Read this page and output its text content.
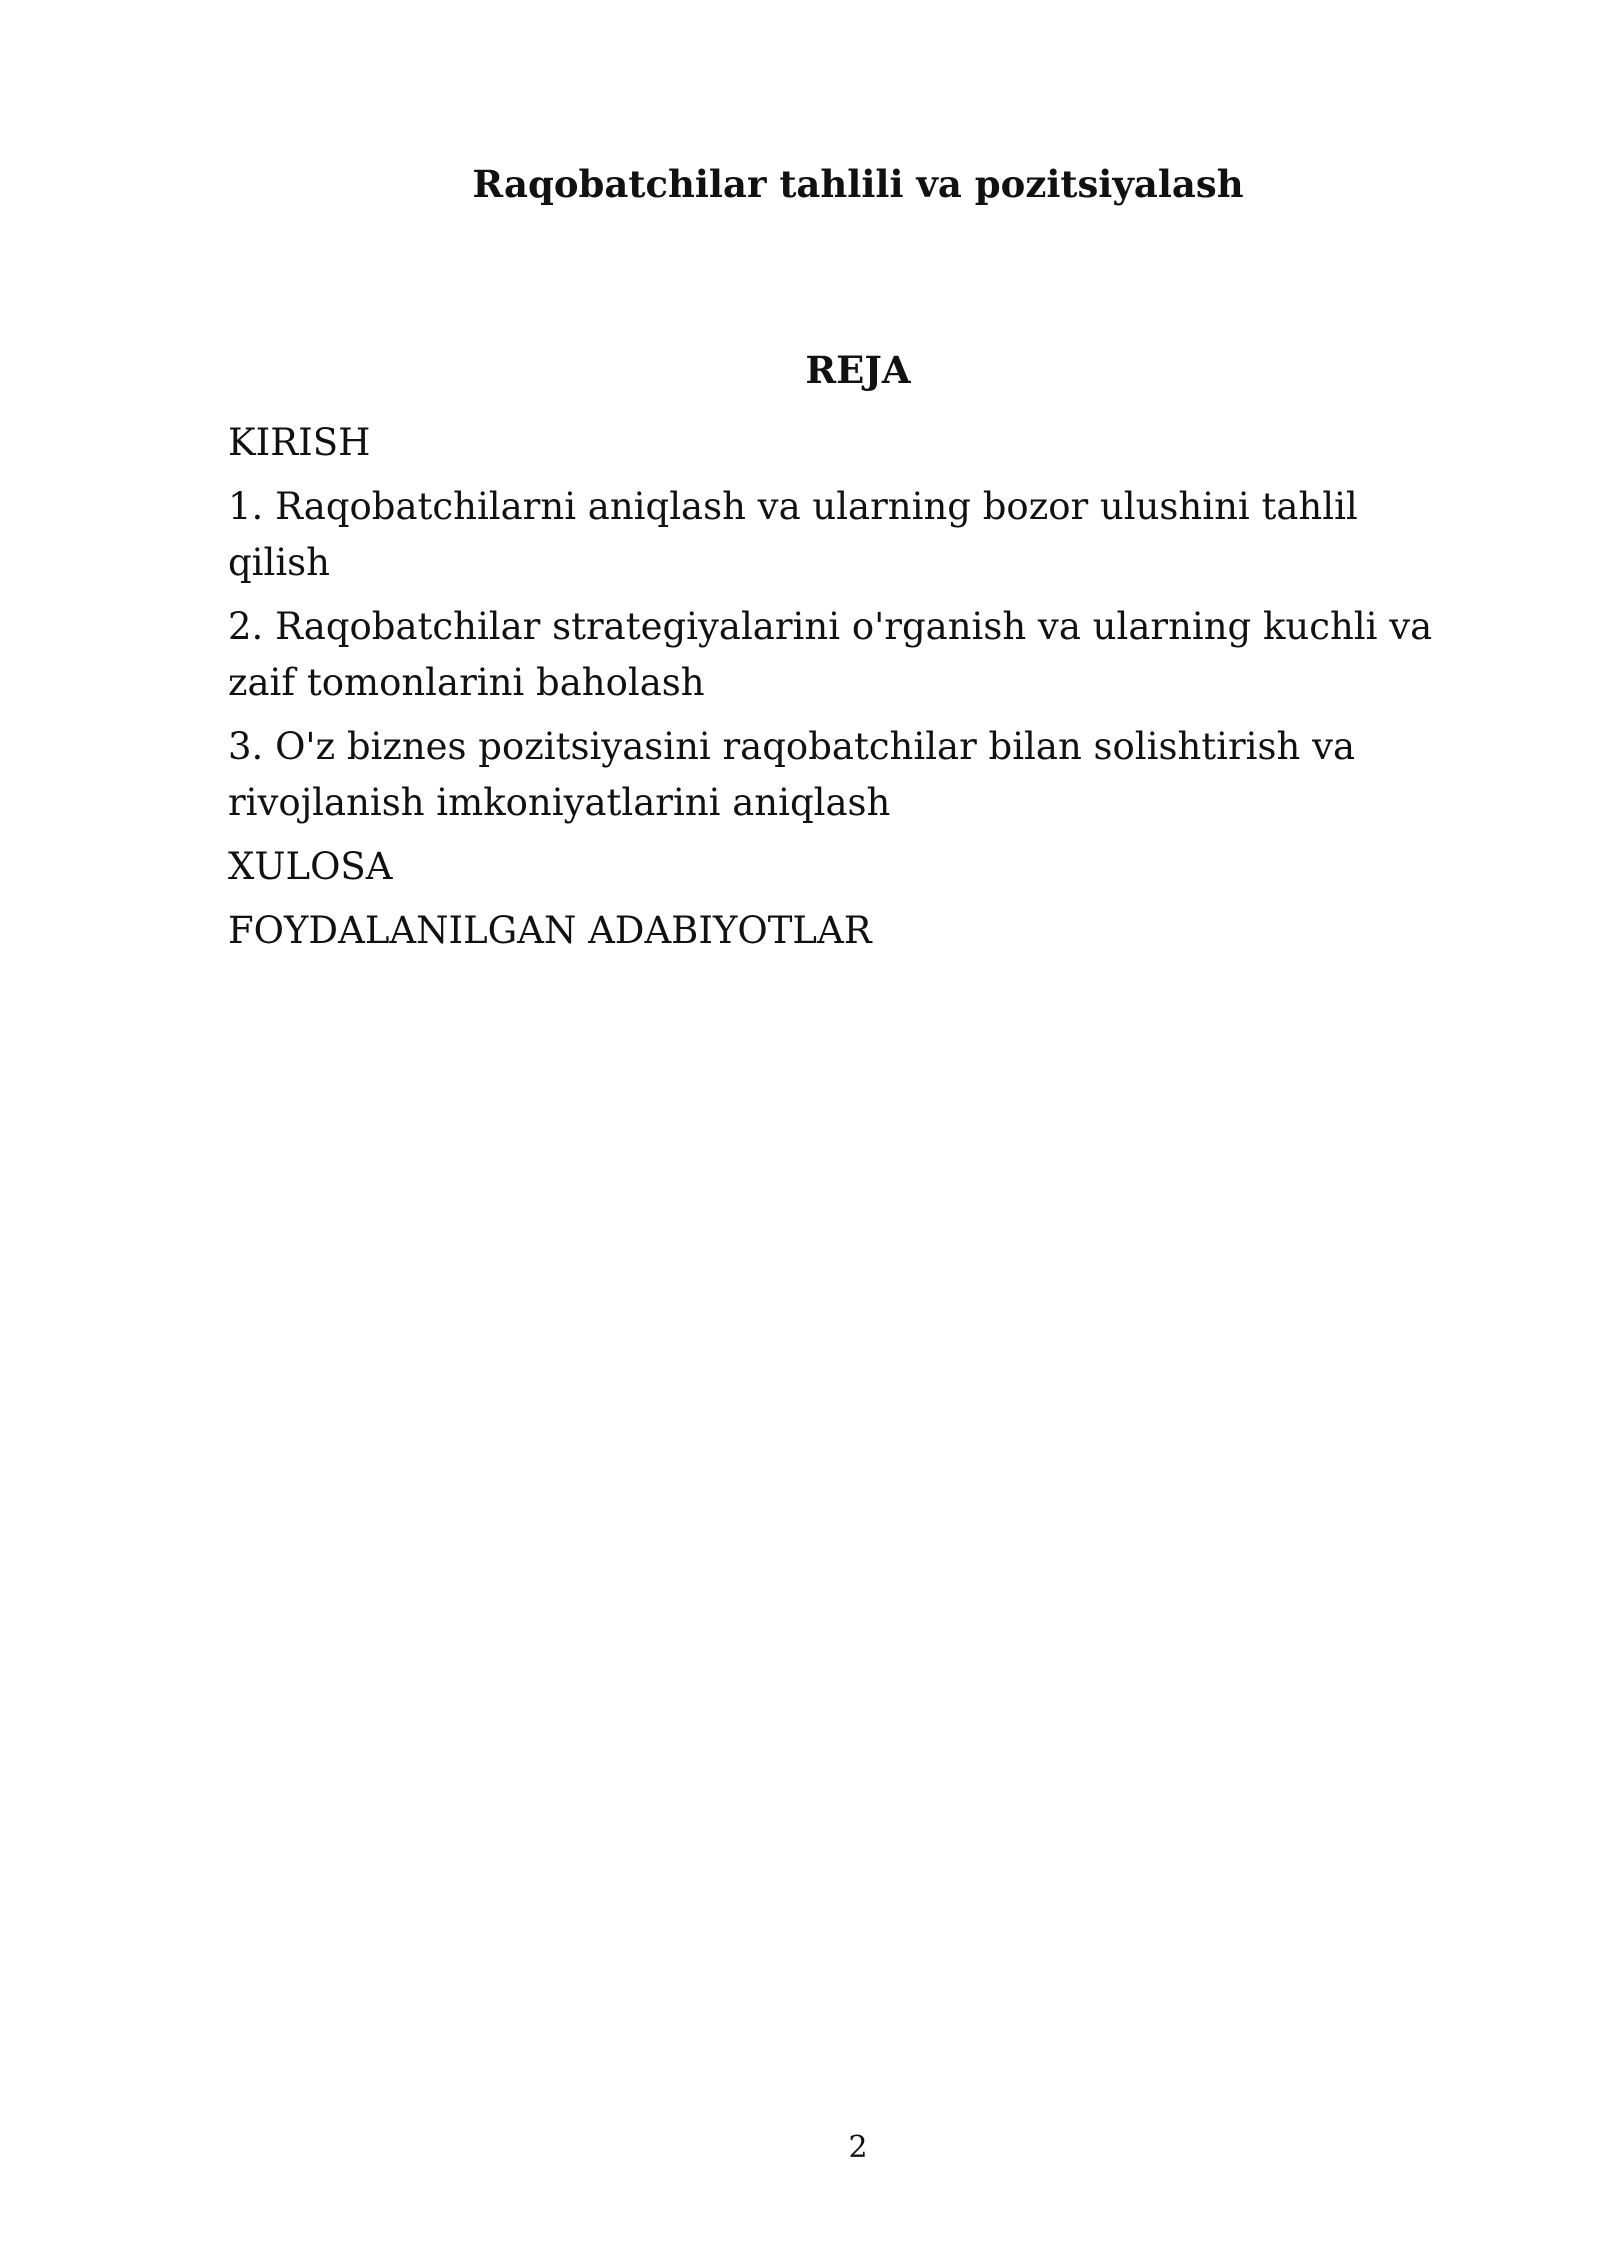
Raqobatchilar tahlili va pozitsiyalash
REJA
KIRISH
1. Raqobatchilarni aniqlash va ularning bozor ulushini tahlil qilish
2. Raqobatchilar strategiyalarini o'rganish va ularning kuchli va zaif tomonlarini baholash
3. O'z biznes pozitsiyasini raqobatchilar bilan solishtirish va rivojlanish imkoniyatlarini aniqlash
XULOSA
FOYDALANILGAN ADABIYOTLAR
2
